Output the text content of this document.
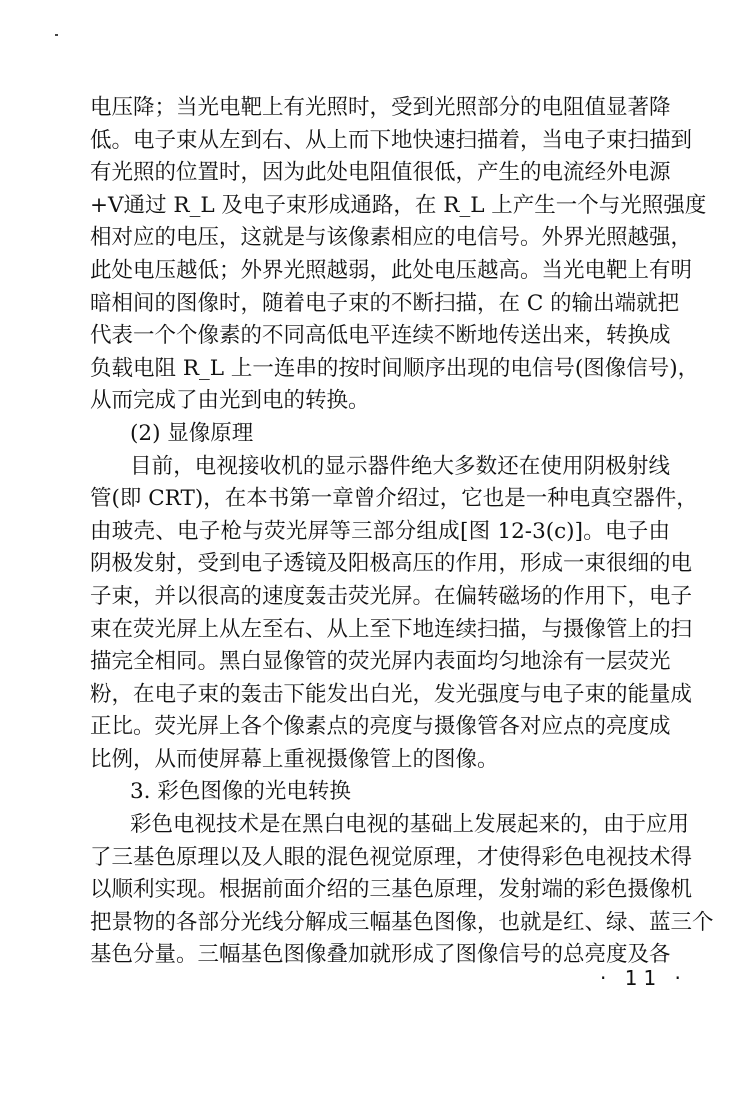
电压降；当光电靶上有光照时，受到光照部分的电阻值显著降
低。电子束从左到右、从上而下地快速扫描着，当电子束扫描到
有光照的位置时，因为此处电阻值很低，产生的电流经外电源
+V通过 R_L 及电子束形成通路，在 R_L 上产生一个与光照强度
相对应的电压，这就是与该像素相应的电信号。外界光照越强，
此处电压越低；外界光照越弱，此处电压越高。当光电靶上有明
暗相间的图像时，随着电子束的不断扫描，在 C 的输出端就把
代表一个个像素的不同高低电平连续不断地传送出来，转换成
负载电阻 R_L 上一连串的按时间顺序出现的电信号(图像信号)，
从而完成了由光到电的转换。
(2) 显像原理
目前，电视接收机的显示器件绝大多数还在使用阴极射线
管(即 CRT)，在本书第一章曾介绍过，它也是一种电真空器件，
由玻壳、电子枪与荧光屏等三部分组成[图 12-3(c)]。电子由
阴极发射，受到电子透镜及阳极高压的作用，形成一束很细的电
子束，并以很高的速度轰击荧光屏。在偏转磁场的作用下，电子
束在荧光屏上从左至右、从上至下地连续扫描，与摄像管上的扫
描完全相同。黑白显像管的荧光屏内表面均匀地涂有一层荧光
粉，在电子束的轰击下能发出白光，发光强度与电子束的能量成
正比。荧光屏上各个像素点的亮度与摄像管各对应点的亮度成
比例，从而使屏幕上重视摄像管上的图像。
3. 彩色图像的光电转换
彩色电视技术是在黑白电视的基础上发展起来的，由于应用
了三基色原理以及人眼的混色视觉原理，才使得彩色电视技术得
以顺利实现。根据前面介绍的三基色原理，发射端的彩色摄像机
把景物的各部分光线分解成三幅基色图像，也就是红、绿、蓝三个
基色分量。三幅基色图像叠加就形成了图像信号的总亮度及各
· 11 ·
